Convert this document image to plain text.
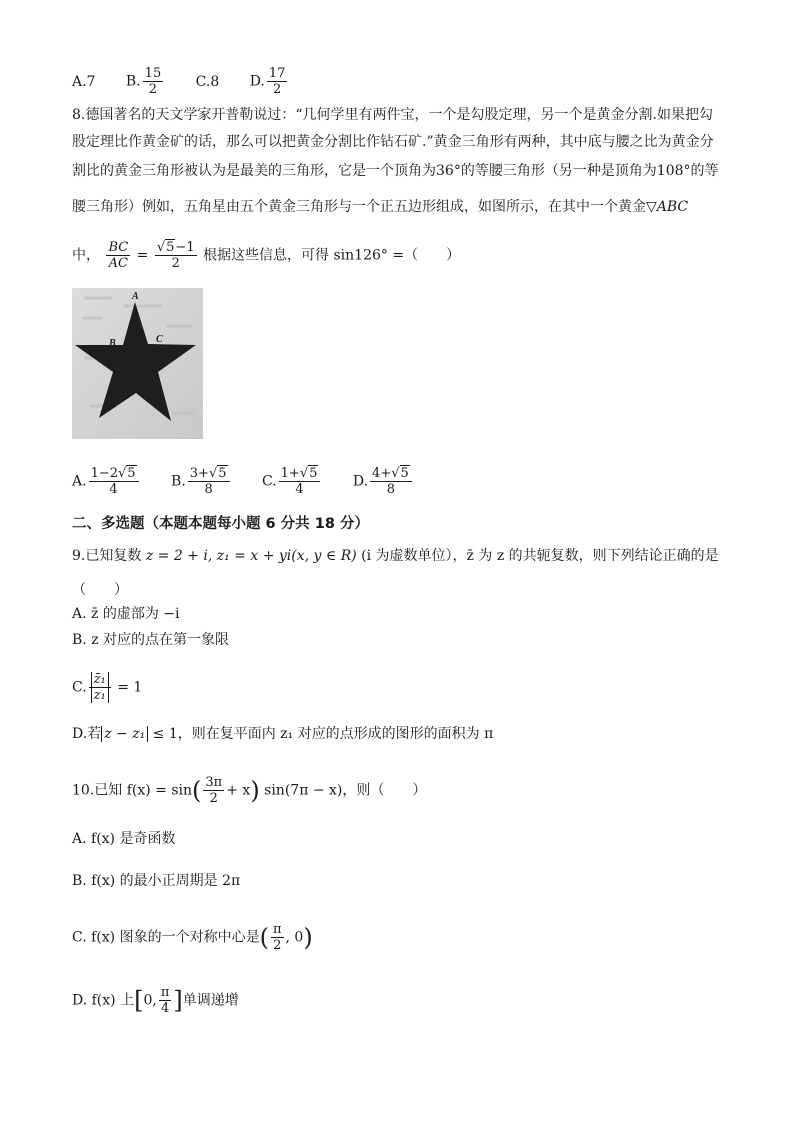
A.7 B. $\frac{15}{2} C.8$ D. $\frac{17}{2}$
8.德国著名的天文学家开普勒说过：“几何学里有两件宝，一个是勾股定理，另一个是黄金分割.如果把勾
股定理比作黄金矿的话，那么可以把黄金分割比作钻石矿.”黄金三角形有两种，其中底与腰之比为黄金分
割比的黄金三角形被认为是最美的三角形，它是一个顶角为36°的等腰三角形（另一种是顶角为108°的等
腰三角形）例如，五角星由五个黄金三角形与一个正五边形组成，如图所示，在其中一个黄金▽ABC
中， $\frac{BC}{AC} = \frac{√5-1}{2}$ 根据这些信息，可得 sin126° =（　　）
A
B	C
A. $\frac{1-2√5}{4} B$. $\frac{3+√5}{8} C$. $\frac{1+√5}{4} D$. $\frac{4+√5}{8}$
二、多选题（本题本题每小题 6 分共 18 分）
9.已知复数 z = 2 + i, z₁ = x + yi(x, y ∈ R) (i 为虚数单位），z̄ 为 z 的共轭复数，则下列结论正确的是
（　　）
A. z̄ 的虚部为 −i
B. z 对应的点在第一象限
C. $\frac{\text{z̄₁}}{\text{z₁}} = 1$
D.若 z − z₁ ≤ 1，则在复平面内 z₁ 对应的点形成的图形的面积为 π
10.已知 $f(x) = \sin( \frac{3\pi}{2} + x)$ sin(7π − x)，则（　　）
A. f(x) 是奇函数
B. f(x) 的最小正周期是 2π
C. f(x) 图象的一个对称中心是( $\frac{\pi}{2}$ , 0)
D. f(x) 上[0, $\frac{\pi}{4}$ ]单调递增
